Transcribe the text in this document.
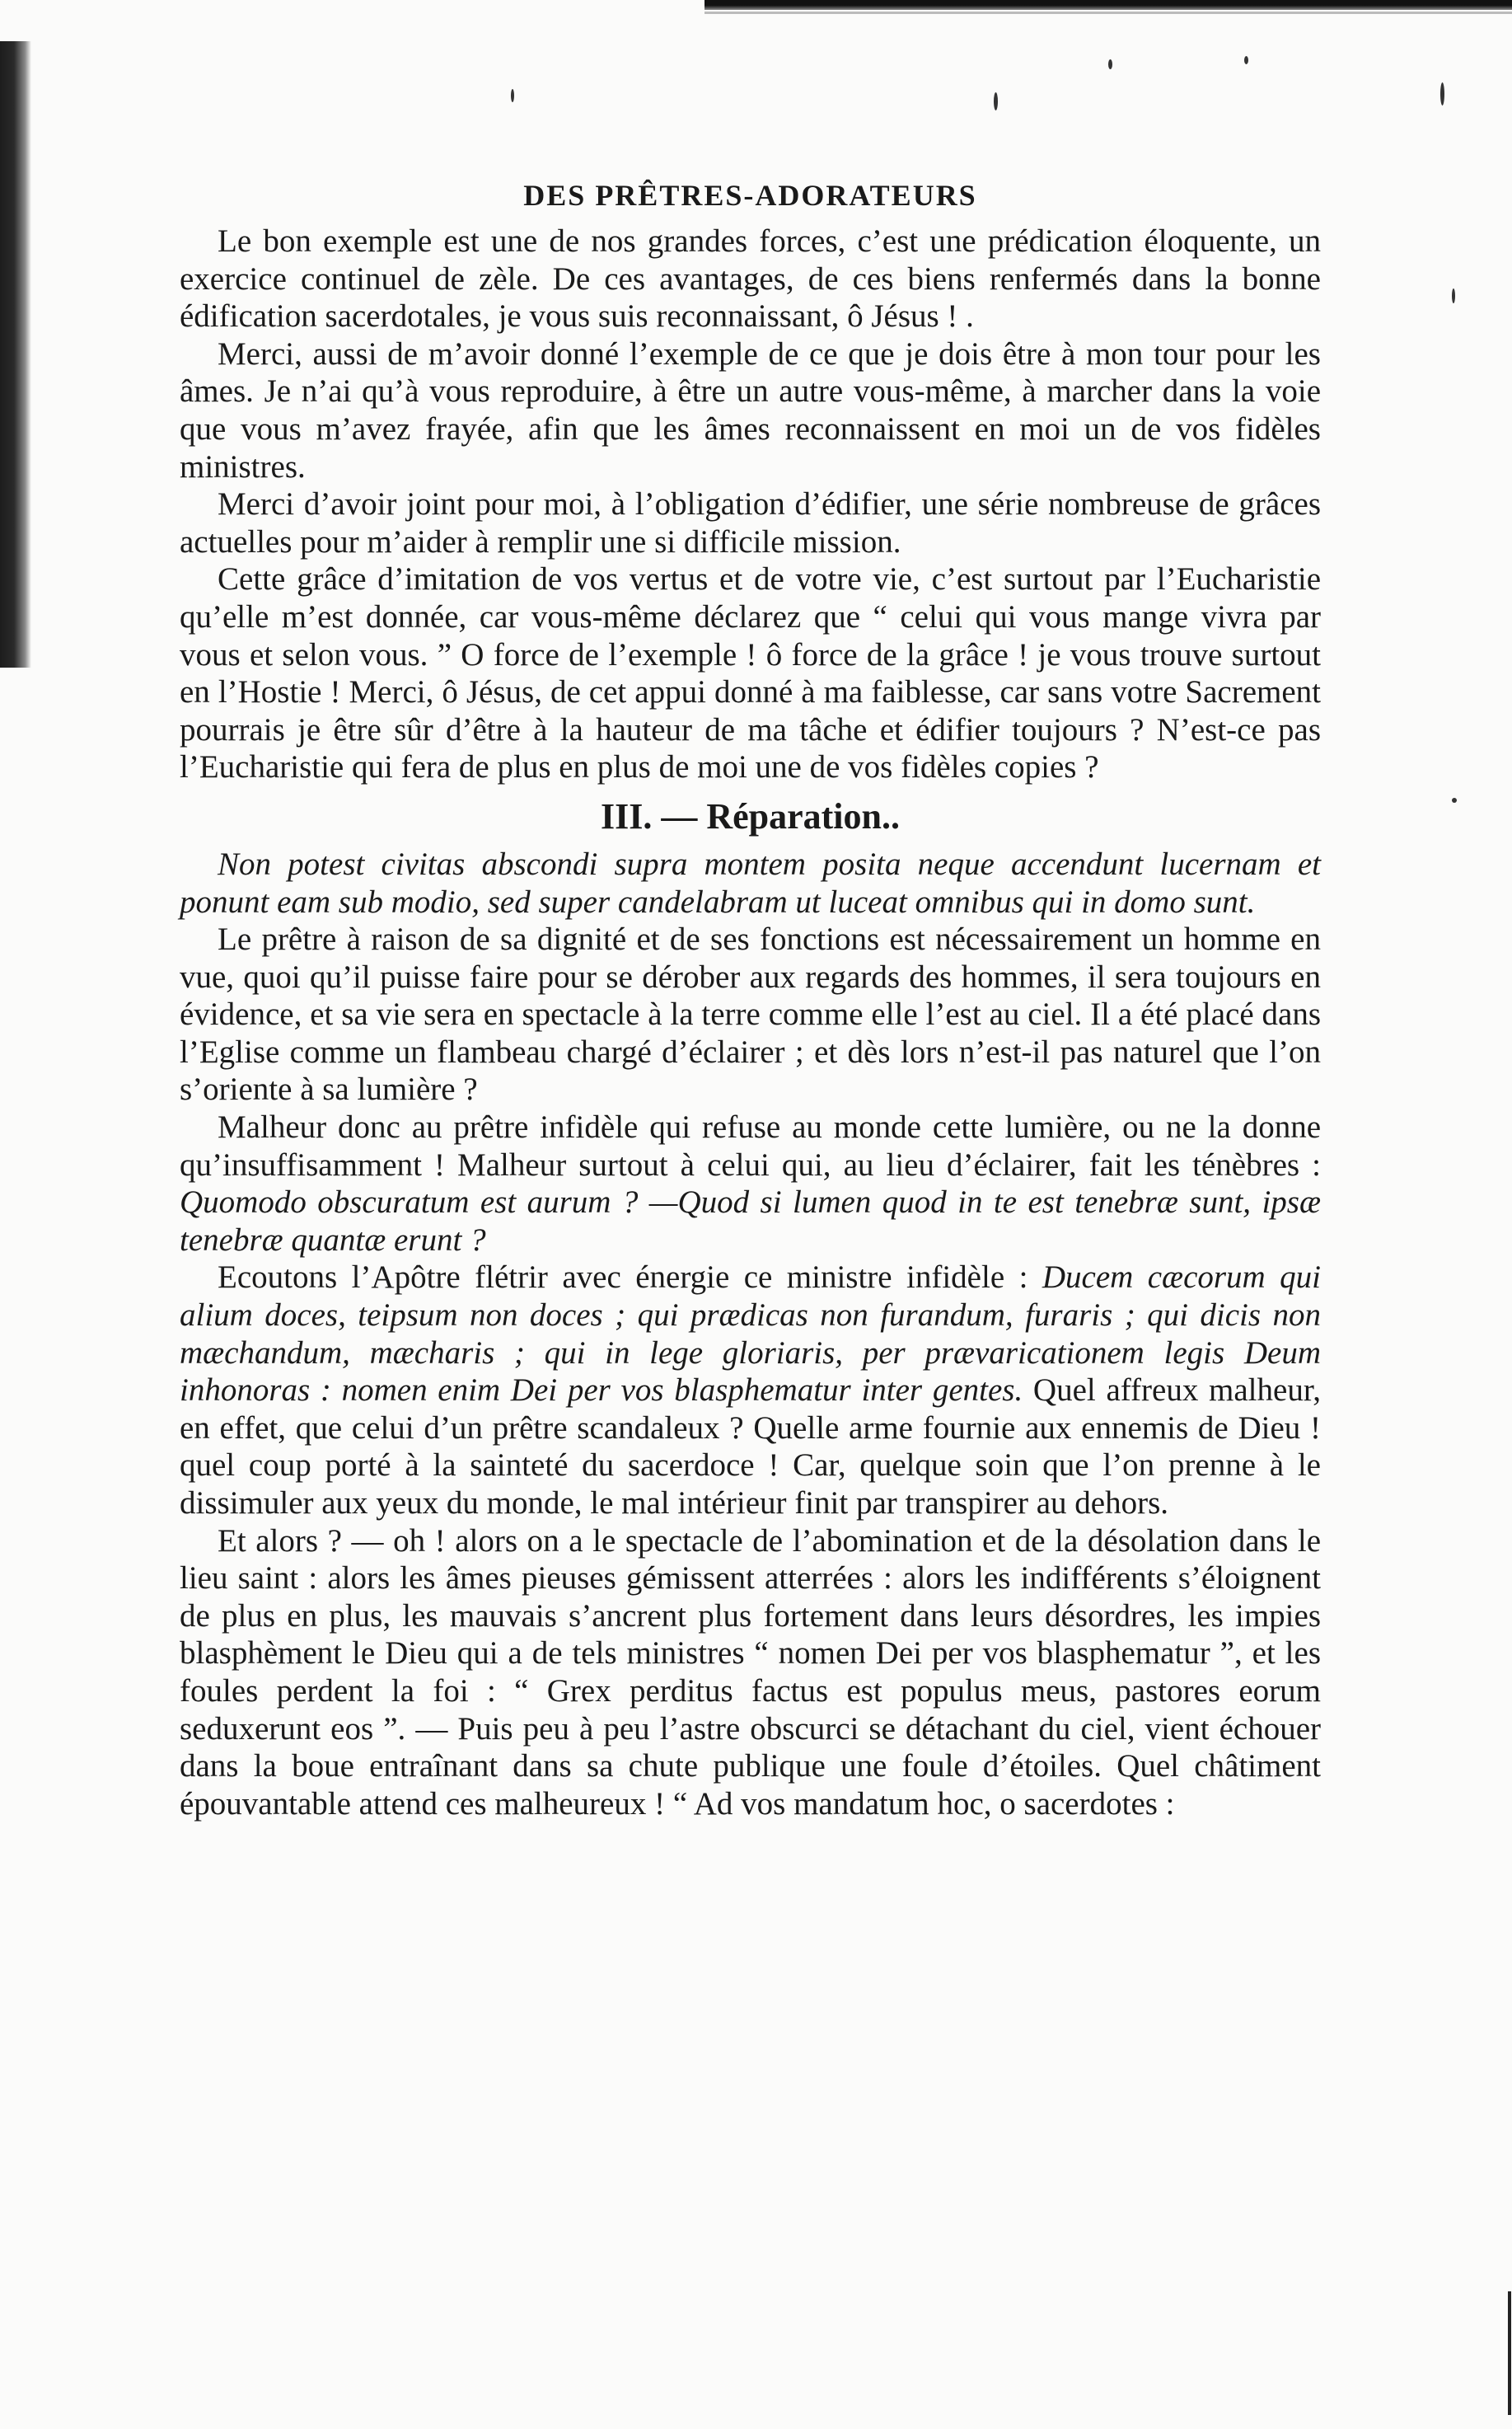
DES PRÊTRES-ADORATEURS

Le bon exemple est une de nos grandes forces, c’est une prédication éloquente, un exercice continuel de zèle. De ces avantages, de ces biens renfermés dans la bonne édification sacerdotales, je vous suis reconnaissant, ô Jésus ! .

Merci, aussi de m’avoir donné l’exemple de ce que je dois être à mon tour pour les âmes. Je n’ai qu’à vous reproduire, à être un autre vous-même, à marcher dans la voie que vous m’avez frayée, afin que les âmes reconnaissent en moi un de vos fidèles ministres.

Merci d’avoir joint pour moi, à l’obligation d’édifier, une série nombreuse de grâces actuelles pour m’aider à remplir une si difficile mission.

Cette grâce d’imitation de vos vertus et de votre vie, c’est surtout par l’Eucharistie qu’elle m’est donnée, car vous-même déclarez que “ celui qui vous mange vivra par vous et selon vous. ” O force de l’exemple ! ô force de la grâce ! je vous trouve surtout en l’Hostie ! Merci, ô Jésus, de cet appui donné à ma faiblesse, car sans votre Sacrement pourrais je être sûr d’être à la hauteur de ma tâche et édifier toujours ? N’est-ce pas l’Eucharistie qui fera de plus en plus de moi une de vos fidèles copies ?

III. — Réparation..

Non potest civitas abscondi supra montem posita neque accendunt lucernam et ponunt eam sub modio, sed super candelabram ut luceat omnibus qui in domo sunt.

Le prêtre à raison de sa dignité et de ses fonctions est nécessairement un homme en vue, quoi qu’il puisse faire pour se dérober aux regards des hommes, il sera toujours en évidence, et sa vie sera en spectacle à la terre comme elle l’est au ciel. Il a été placé dans l’Eglise comme un flambeau chargé d’éclairer ; et dès lors n’est-il pas naturel que l’on s’oriente à sa lumière ?

Malheur donc au prêtre infidèle qui refuse au monde cette lumière, ou ne la donne qu’insuffisamment ! Malheur surtout à celui qui, au lieu d’éclairer, fait les ténèbres : Quomodo obscuratum est aurum ? —Quod si lumen quod in te est tenebræ sunt, ipsæ tenebræ quantæ erunt ?

Ecoutons l’Apôtre flétrir avec énergie ce ministre infidèle : Ducem cæcorum qui alium doces, teipsum non doces ; qui prædicas non furandum, furaris ; qui dicis non mæchandum, mæcharis ; qui in lege gloriaris, per prævaricationem legis Deum inhonoras : nomen enim Dei per vos blasphematur inter gentes. Quel affreux malheur, en effet, que celui d’un prêtre scandaleux ? Quelle arme fournie aux ennemis de Dieu ! quel coup porté à la sainteté du sacerdoce ! Car, quelque soin que l’on prenne à le dissimuler aux yeux du monde, le mal intérieur finit par transpirer au dehors.

Et alors ? — oh ! alors on a le spectacle de l’abomination et de la désolation dans le lieu saint : alors les âmes pieuses gémissent atterrées : alors les indifférents s’éloignent de plus en plus, les mauvais s’ancrent plus fortement dans leurs désordres, les impies blasphèment le Dieu qui a de tels ministres “ nomen Dei per vos blasphematur ”, et les foules perdent la foi : “ Grex perditus factus est populus meus, pastores eorum seduxerunt eos ”. — Puis peu à peu l’astre obscurci se détachant du ciel, vient échouer dans la boue entraînant dans sa chute publique une foule d’étoiles. Quel châtiment épouvantable attend ces malheureux ! “ Ad vos mandatum hoc, o sacerdotes :
